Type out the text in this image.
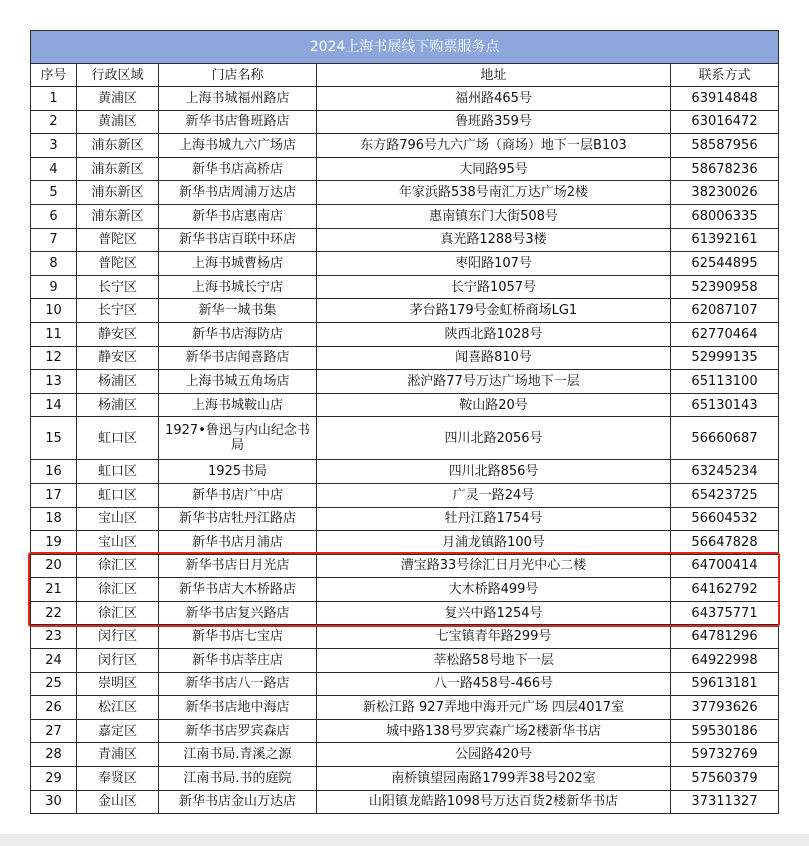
2024上海书展线下购票服务点				
序号	行政区域	门店名称	地址	联系方式
1	黄浦区	上海书城福州路店	福州路465号	63914848
2	黄浦区	新华书店鲁班路店	鲁班路359号	63016472
3	浦东新区	上海书城九六广场店	东方路796号九六广场（商场）地下一层B103	58587956
4	浦东新区	新华书店高桥店	大同路95号	58678236
5	浦东新区	新华书店周浦万达店	年家浜路538号南汇万达广场2楼	38230026
6	浦东新区	新华书店惠南店	惠南镇东门大街508号	68006335
7	普陀区	新华书店百联中环店	真光路1288号3楼	61392161
8	普陀区	上海书城曹杨店	枣阳路107号	62544895
9	长宁区	上海书城长宁店	长宁路1057号	52390958
10	长宁区	新华一城书集	茅台路179号金虹桥商场LG1	62087107
11	静安区	新华书店海防店	陕西北路1028号	62770464
12	静安区	新华书店闻喜路店	闻喜路810号	52999135
13	杨浦区	上海书城五角场店	淞沪路77号万达广场地下一层	65113100
14	杨浦区	上海书城鞍山店	鞍山路20号	65130143
15	虹口区	1927•鲁迅与内山纪念书局	四川北路2056号	56660687
16	虹口区	1925书局	四川北路856号	63245234
17	虹口区	新华书店广中店	广灵一路24号	65423725
18	宝山区	新华书店牡丹江路店	牡丹江路1754号	56604532
19	宝山区	新华书店月浦店	月浦龙镇路100号	56647828
20	徐汇区	新华书店日月光店	漕宝路33号徐汇日月光中心二楼	64700414
21	徐汇区	新华书店大木桥路店	大木桥路499号	64162792
22	徐汇区	新华书店复兴路店	复兴中路1254号	64375771
23	闵行区	新华书店七宝店	七宝镇青年路299号	64781296
24	闵行区	新华书店莘庄店	莘松路58号地下一层	64922998
25	崇明区	新华书店八一路店	八一路458号-466号	59613181
26	松江区	新华书店地中海店	新松江路 927弄地中海开元广场 四层4017室	37793626
27	嘉定区	新华书店罗宾森店	城中路138号罗宾森广场2楼新华书店	59530186
28	青浦区	江南书局.青溪之源	公园路420号	59732769
29	奉贤区	江南书局.书的庭院	南桥镇望园南路1799弄38号202室	57560379
30	金山区	新华书店金山万达店	山阳镇龙皓路1098号万达百货2楼新华书店	37311327
